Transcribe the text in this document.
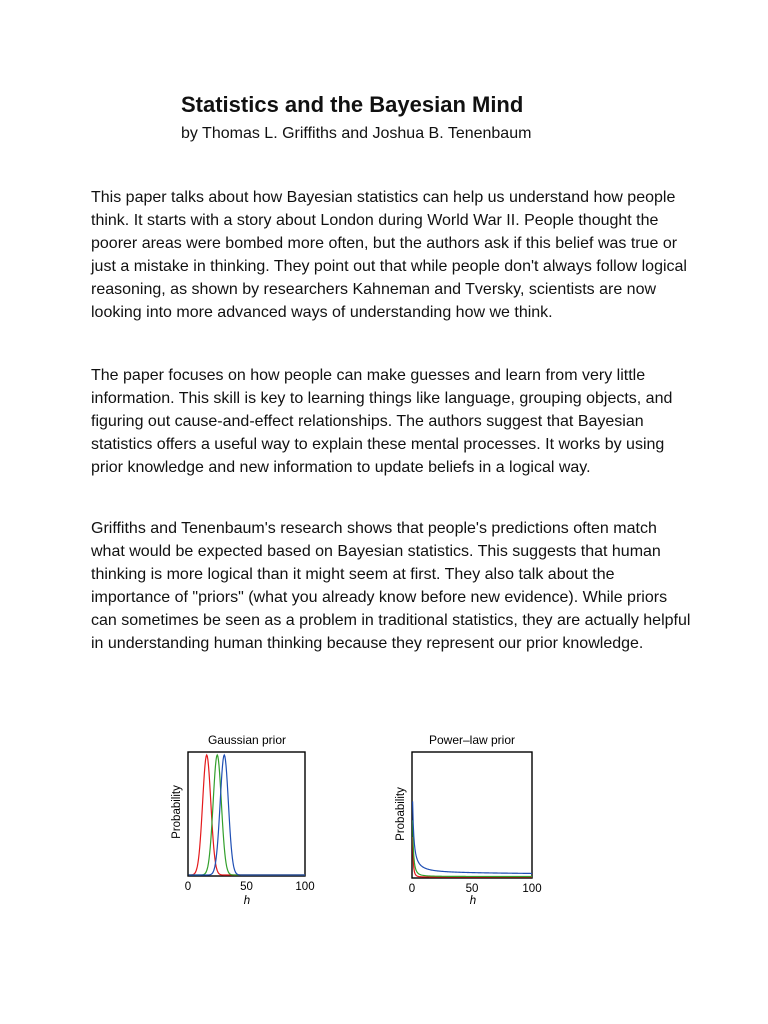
Statistics and the Bayesian Mind

by Thomas L. Griffiths and Joshua B. Tenenbaum

This paper talks about how Bayesian statistics can help us understand how people think. It starts with a story about London during World War II. People thought the poorer areas were bombed more often, but the authors ask if this belief was true or just a mistake in thinking. They point out that while people don't always follow logical reasoning, as shown by researchers Kahneman and Tversky, scientists are now looking into more advanced ways of understanding how we think.

The paper focuses on how people can make guesses and learn from very little information. This skill is key to learning things like language, grouping objects, and figuring out cause-and-effect relationships. The authors suggest that Bayesian statistics offers a useful way to explain these mental processes. It works by using prior knowledge and new information to update beliefs in a logical way.

Griffiths and Tenenbaum's research shows that people's predictions often match what would be expected based on Bayesian statistics. This suggests that human thinking is more logical than it might seem at first. They also talk about the importance of "priors" (what you already know before new evidence). While priors can sometimes be seen as a problem in traditional statistics, they are actually helpful in understanding human thinking because they represent our prior knowledge.

Gaussian prior
Probability
0	50	100
h
Power–law prior
Probability
0	50	100
h
